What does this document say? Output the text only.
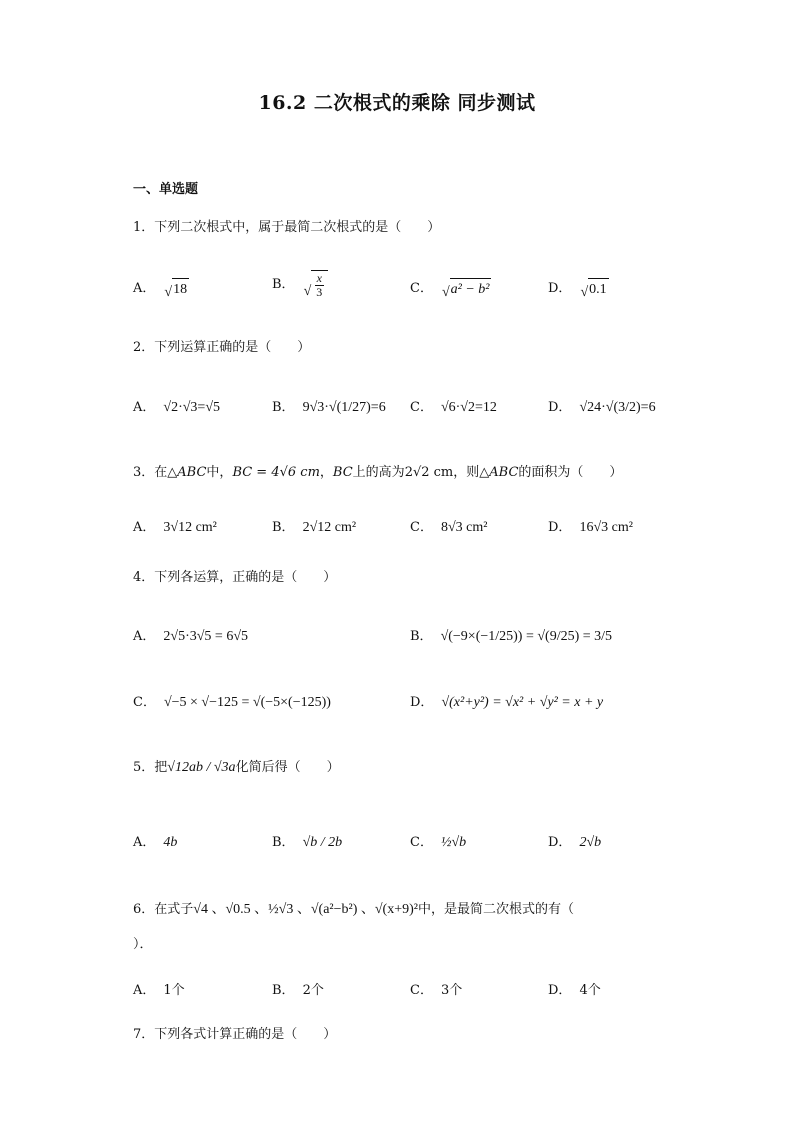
16.2 二次根式的乘除 同步测试
一、单选题
1．下列二次根式中，属于最简二次根式的是（　　）
A． √ 18	B． √ $\frac{x}{3}$	C． √ a² − b²	D． √ 0.1
2．下列运算正确的是（　　）
A． √2·√3=√5	B． 9√3·√(1/27)=6 C． √6·√2=12	D． √24·√(3/2)=6
3．在△ABC中，BC = 4√6 cm，BC上的高为2√2 cm，则△ABC的面积为（　　）
A． 3√12 cm²	B． 2√12 cm²	C． 8√3 cm²	D． 16√3 cm²
4．下列各运算，正确的是（　　）
A． 2√5·3√5 = 6√5	B． √(−9×(−1/25)) = √(9/25) = 3/5
C． √−5 × √−125 = √(−5×(−125))	D． √(x²+y²) = √x² + √y² = x + y
5．把√12ab / √3a化简后得（　　）
A． 4b	B． √b / 2b	C． ½√b	D． 2√b
6．在式子√4 、√0.5 、½√3 、√(a²−b²) 、√(x+9)²中，是最简二次根式的有（
）．
A． 1个	B． 2个	C． 3个	D． 4个
7．下列各式计算正确的是（　　）
